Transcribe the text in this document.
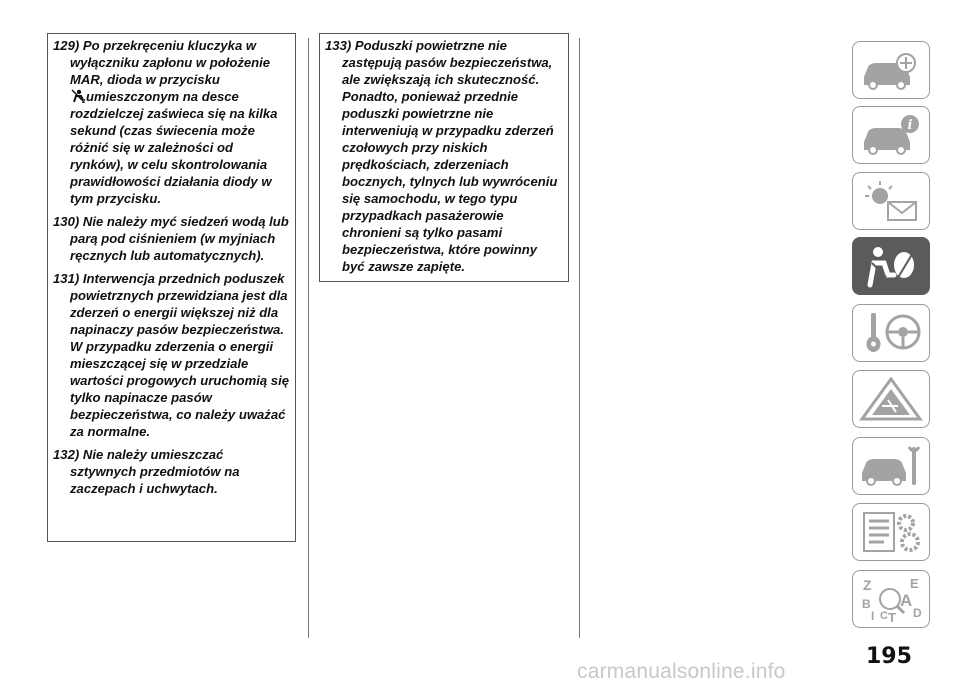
129) Po przekręceniu kluczyka w wyłączniku zapłonu w położenie MAR, dioda w przycisku

2 umieszczonym na desce rozdzielczej zaświeca się na kilka sekund (czas świecenia może różnić się w zależności od rynków), w celu skontrolowania prawidłowości działania diody w tym przycisku.

130) Nie należy myć siedzeń wodą lub parą pod ciśnieniem (w myjniach ręcznych lub automatycznych).

131) Interwencja przednich poduszek powietrznych przewidziana jest dla zderzeń o energii większej niż dla napinaczy pasów bezpieczeństwa. W przypadku zderzenia o energii mieszczącej się w przedziale wartości progowych uruchomią się tylko napinacze pasów bezpieczeństwa, co należy uważać za normalne.

132) Nie należy umieszczać sztywnych przedmiotów na zaczepach i uchwytach.

133) Poduszki powietrzne nie zastępują pasów bezpieczeństwa, ale zwiększają ich skuteczność. Ponadto, ponieważ przednie poduszki powietrzne nie interweniują w przypadku zderzeń czołowych przy niskich prędkościach, zderzeniach bocznych, tylnych lub wywróceniu się samochodu, w tego typu przypadkach pasażerowie chronieni są tylko pasami bezpieczeństwa, które powinny być zawsze zapięte.

i
Z	E
B A
D
I C T
195
carmanualsonline.info
